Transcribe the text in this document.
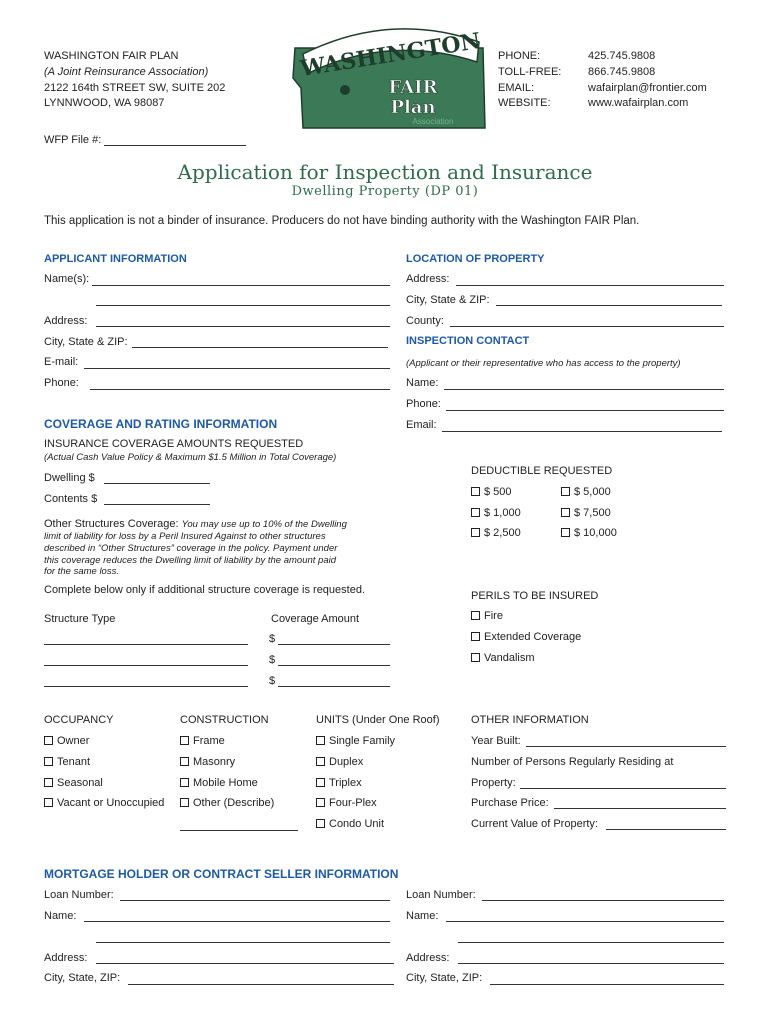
WASHINGTON FAIR PLAN
(A Joint Reinsurance Association)
2122 164th STREET SW, SUITE 202
LYNNWOOD, WA 98087
WASHINGTON
FAIR
Plan
Association
PHONE:
TOLL-FREE:
EMAIL:
WEBSITE:
425.745.9808
866.745.9808
wafairplan@frontier.com
www.wafairplan.com
WFP File #:
Application for Inspection and Insurance
Dwelling Property (DP 01)
This application is not a binder of insurance. Producers do not have binding authority with the Washington FAIR Plan.
APPLICANT INFORMATION
Name(s):
Address:
City, State & ZIP:
E-mail:
Phone:
LOCATION OF PROPERTY
Address:
City, State & ZIP:
County:
INSPECTION CONTACT
(Applicant or their representative who has access to the property)
Name:
Phone:
Email:
COVERAGE AND RATING INFORMATION
INSURANCE COVERAGE AMOUNTS REQUESTED
(Actual Cash Value Policy & Maximum $1.5 Million in Total Coverage)
Dwelling $
Contents $
Other Structures Coverage: You may use up to 10% of the Dwelling
limit of liability for loss by a Peril Insured Against to other structures
described in “Other Structures” coverage in the policy. Payment under
this coverage reduces the Dwelling limit of liability by the amount paid
for the same loss.
Complete below only if additional structure coverage is requested.
Structure Type	Coverage Amount
$
$
$
DEDUCTIBLE REQUESTED
$ 500
$ 1,000
$ 2,500
$ 5,000
$ 7,500
$ 10,000
PERILS TO BE INSURED
Fire
Extended Coverage
Vandalism
OCCUPANCY
Owner
Tenant
Seasonal
Vacant or Unoccupied
CONSTRUCTION
Frame
Masonry
Mobile Home
Other (Describe)
UNITS (Under One Roof)
Single Family
Duplex
Triplex
Four-Plex
Condo Unit
OTHER INFORMATION
Year Built:
Number of Persons Regularly Residing at
Property:
Purchase Price:
Current Value of Property:
MORTGAGE HOLDER OR CONTRACT SELLER INFORMATION
Loan Number:
Name:
Address:
City, State, ZIP:
Loan Number:
Name:
Address:
City, State, ZIP:
